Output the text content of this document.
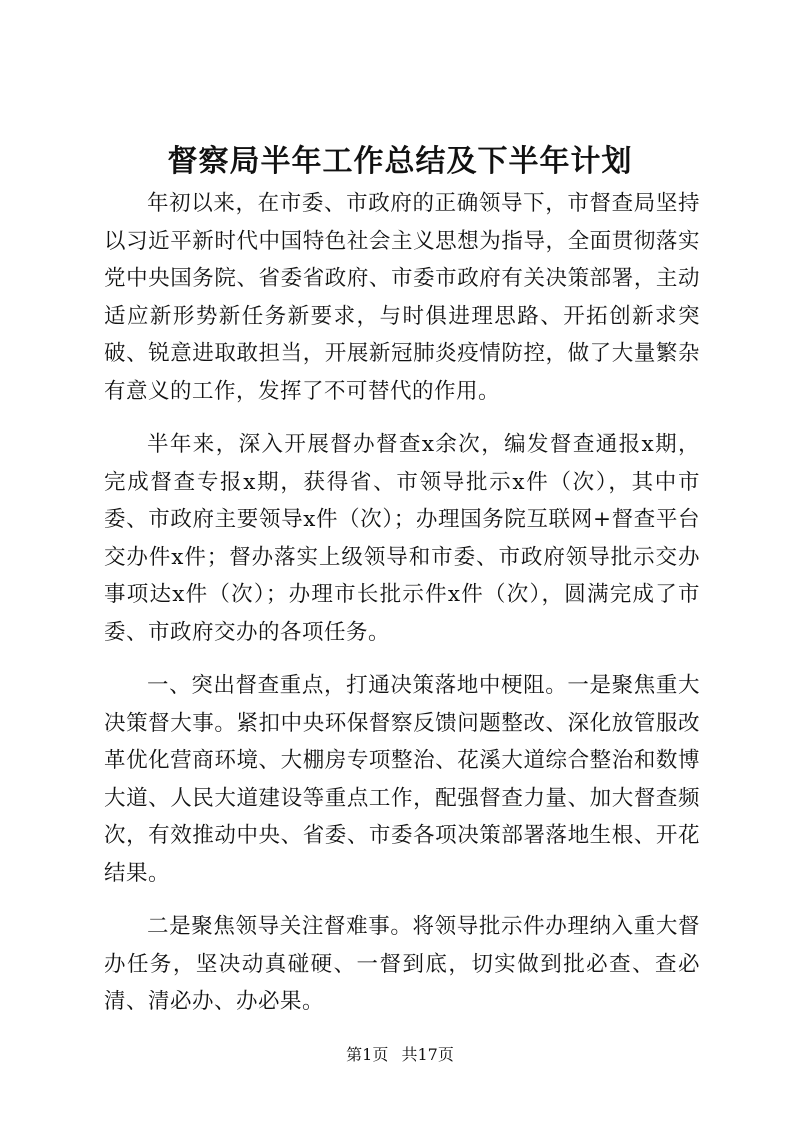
督察局半年工作总结及下半年计划

年初以来，在市委、市政府的正确领导下，市督查局坚持以习近平新时代中国特色社会主义思想为指导，全面贯彻落实党中央国务院、省委省政府、市委市政府有关决策部署，主动适应新形势新任务新要求，与时俱进理思路、开拓创新求突破、锐意进取敢担当，开展新冠肺炎疫情防控，做了大量繁杂有意义的工作，发挥了不可替代的作用。

半年来，深入开展督办督查x余次，编发督查通报x期，完成督查专报x期，获得省、市领导批示x件（次），其中市委、市政府主要领导x件（次）；办理国务院互联网+督查平台交办件x件；督办落实上级领导和市委、市政府领导批示交办事项达x件（次）；办理市长批示件x件（次），圆满完成了市委、市政府交办的各项任务。

一、突出督查重点，打通决策落地中梗阻。一是聚焦重大决策督大事。紧扣中央环保督察反馈问题整改、深化放管服改革优化营商环境、大棚房专项整治、花溪大道综合整治和数博大道、人民大道建设等重点工作，配强督查力量、加大督查频次，有效推动中央、省委、市委各项决策部署落地生根、开花结果。

二是聚焦领导关注督难事。将领导批示件办理纳入重大督办任务，坚决动真碰硬、一督到底，切实做到批必查、查必清、清必办、办必果。

第1页 共17页
